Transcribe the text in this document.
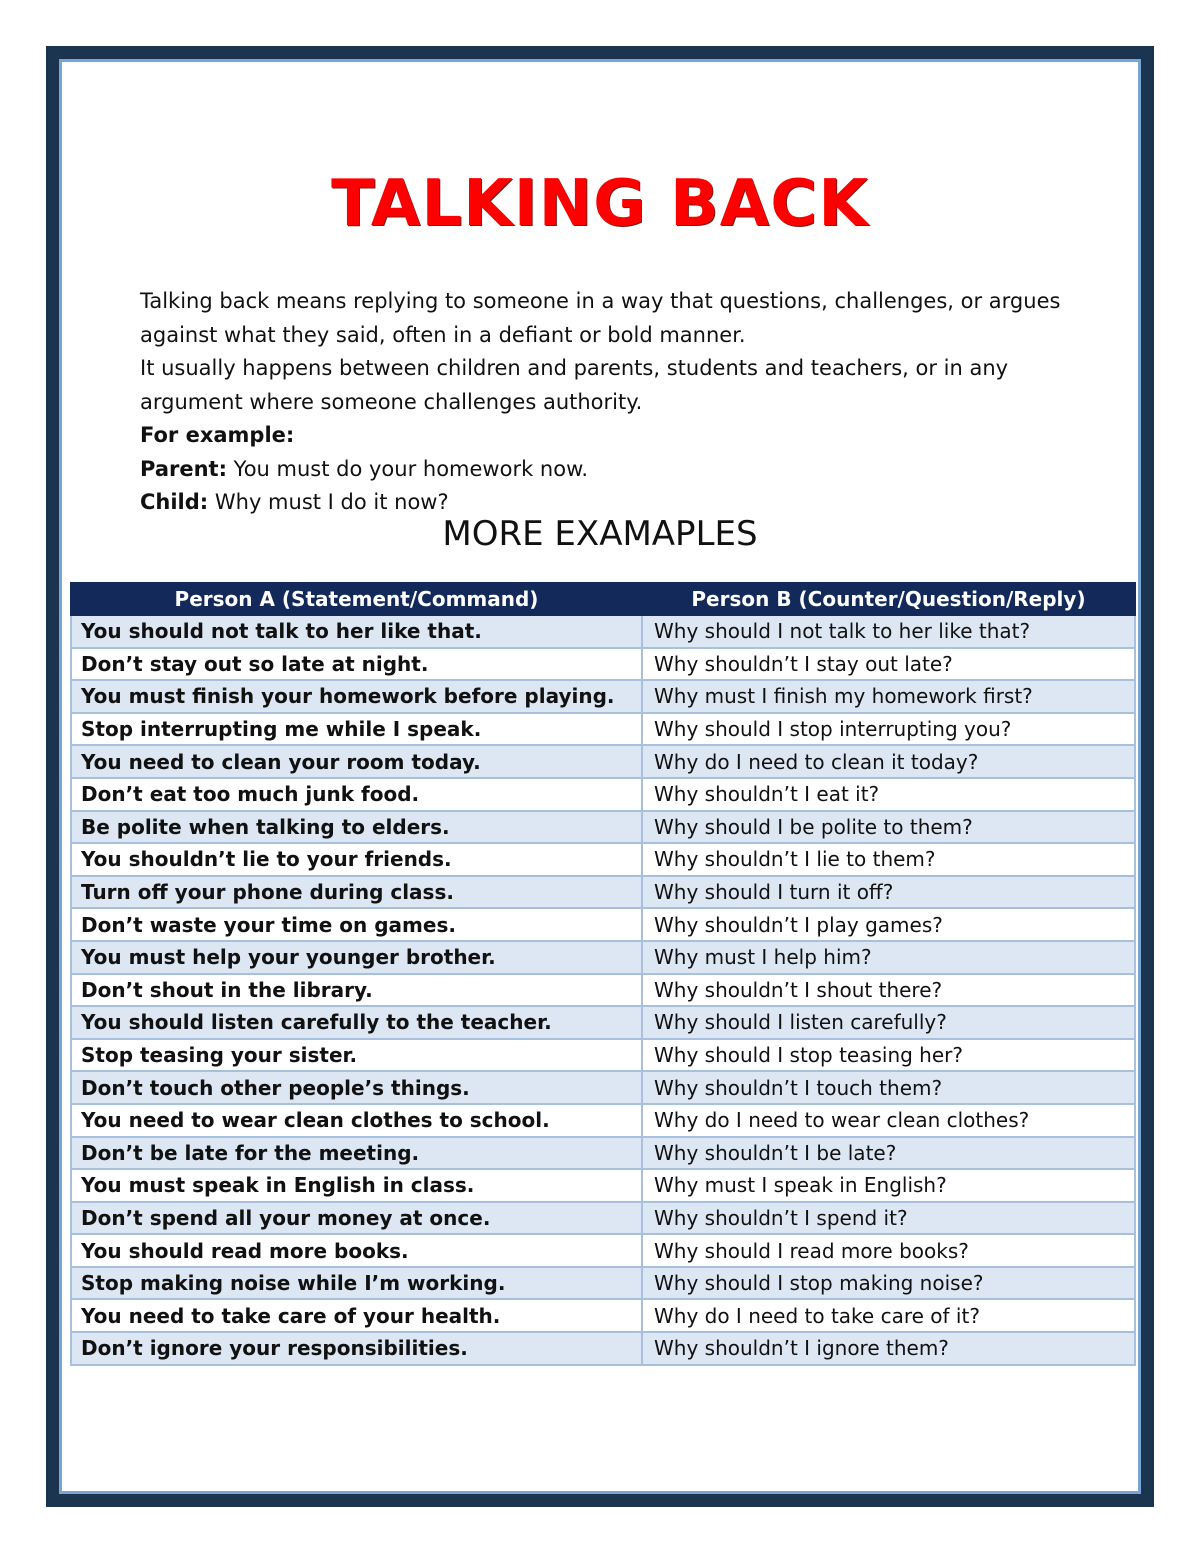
TALKING BACK

Talking back means replying to someone in a way that questions, challenges, or argues against what they said, often in a defiant or bold manner.

It usually happens between children and parents, students and teachers, or in any argument where someone challenges authority.

For example:

Parent: You must do your homework now.

Child: Why must I do it now?

MORE EXAMAPLES
Person A (Statement/Command)	Person B (Counter/Question/Reply)
You should not talk to her like that.	Why should I not talk to her like that?
Don’t stay out so late at night.	Why shouldn’t I stay out late?
You must finish your homework before playing.	Why must I finish my homework first?
Stop interrupting me while I speak.	Why should I stop interrupting you?
You need to clean your room today.	Why do I need to clean it today?
Don’t eat too much junk food.	Why shouldn’t I eat it?
Be polite when talking to elders.	Why should I be polite to them?
You shouldn’t lie to your friends.	Why shouldn’t I lie to them?
Turn off your phone during class.	Why should I turn it off?
Don’t waste your time on games.	Why shouldn’t I play games?
You must help your younger brother.	Why must I help him?
Don’t shout in the library.	Why shouldn’t I shout there?
You should listen carefully to the teacher.	Why should I listen carefully?
Stop teasing your sister.	Why should I stop teasing her?
Don’t touch other people’s things.	Why shouldn’t I touch them?
You need to wear clean clothes to school.	Why do I need to wear clean clothes?
Don’t be late for the meeting.	Why shouldn’t I be late?
You must speak in English in class.	Why must I speak in English?
Don’t spend all your money at once.	Why shouldn’t I spend it?
You should read more books.	Why should I read more books?
Stop making noise while I’m working.	Why should I stop making noise?
You need to take care of your health.	Why do I need to take care of it?
Don’t ignore your responsibilities.	Why shouldn’t I ignore them?
